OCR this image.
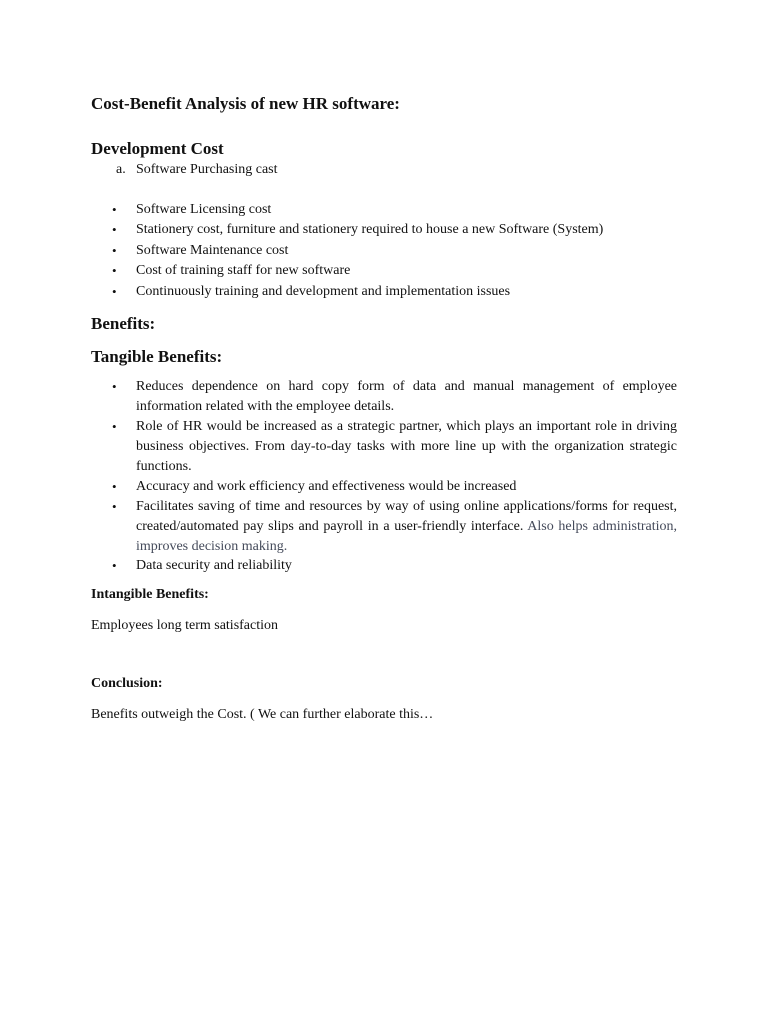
Cost-Benefit Analysis of new HR software:
Development Cost
a. Software Purchasing cast
• Software Licensing cost
• Stationery cost, furniture and stationery required to house a new Software (System)
• Software Maintenance cost
• Cost of training staff for new software
• Continuously training and development and implementation issues
Benefits:
Tangible Benefits:
• Reduces dependence on hard copy form of data and manual management of employee information related with the employee details.
• Role of HR would be increased as a strategic partner, which plays an important role in driving business objectives. From day-to-day tasks with more line up with the organization strategic functions.
• Accuracy and work efficiency and effectiveness would be increased
• Facilitates saving of time and resources by way of using online applications/forms for request, created/automated pay slips and payroll in a user-friendly interface. Also helps administration, improves decision making.
• Data security and reliability
Intangible Benefits:
Employees long term satisfaction
Conclusion:
Benefits outweigh the Cost. ( We can further elaborate this…
